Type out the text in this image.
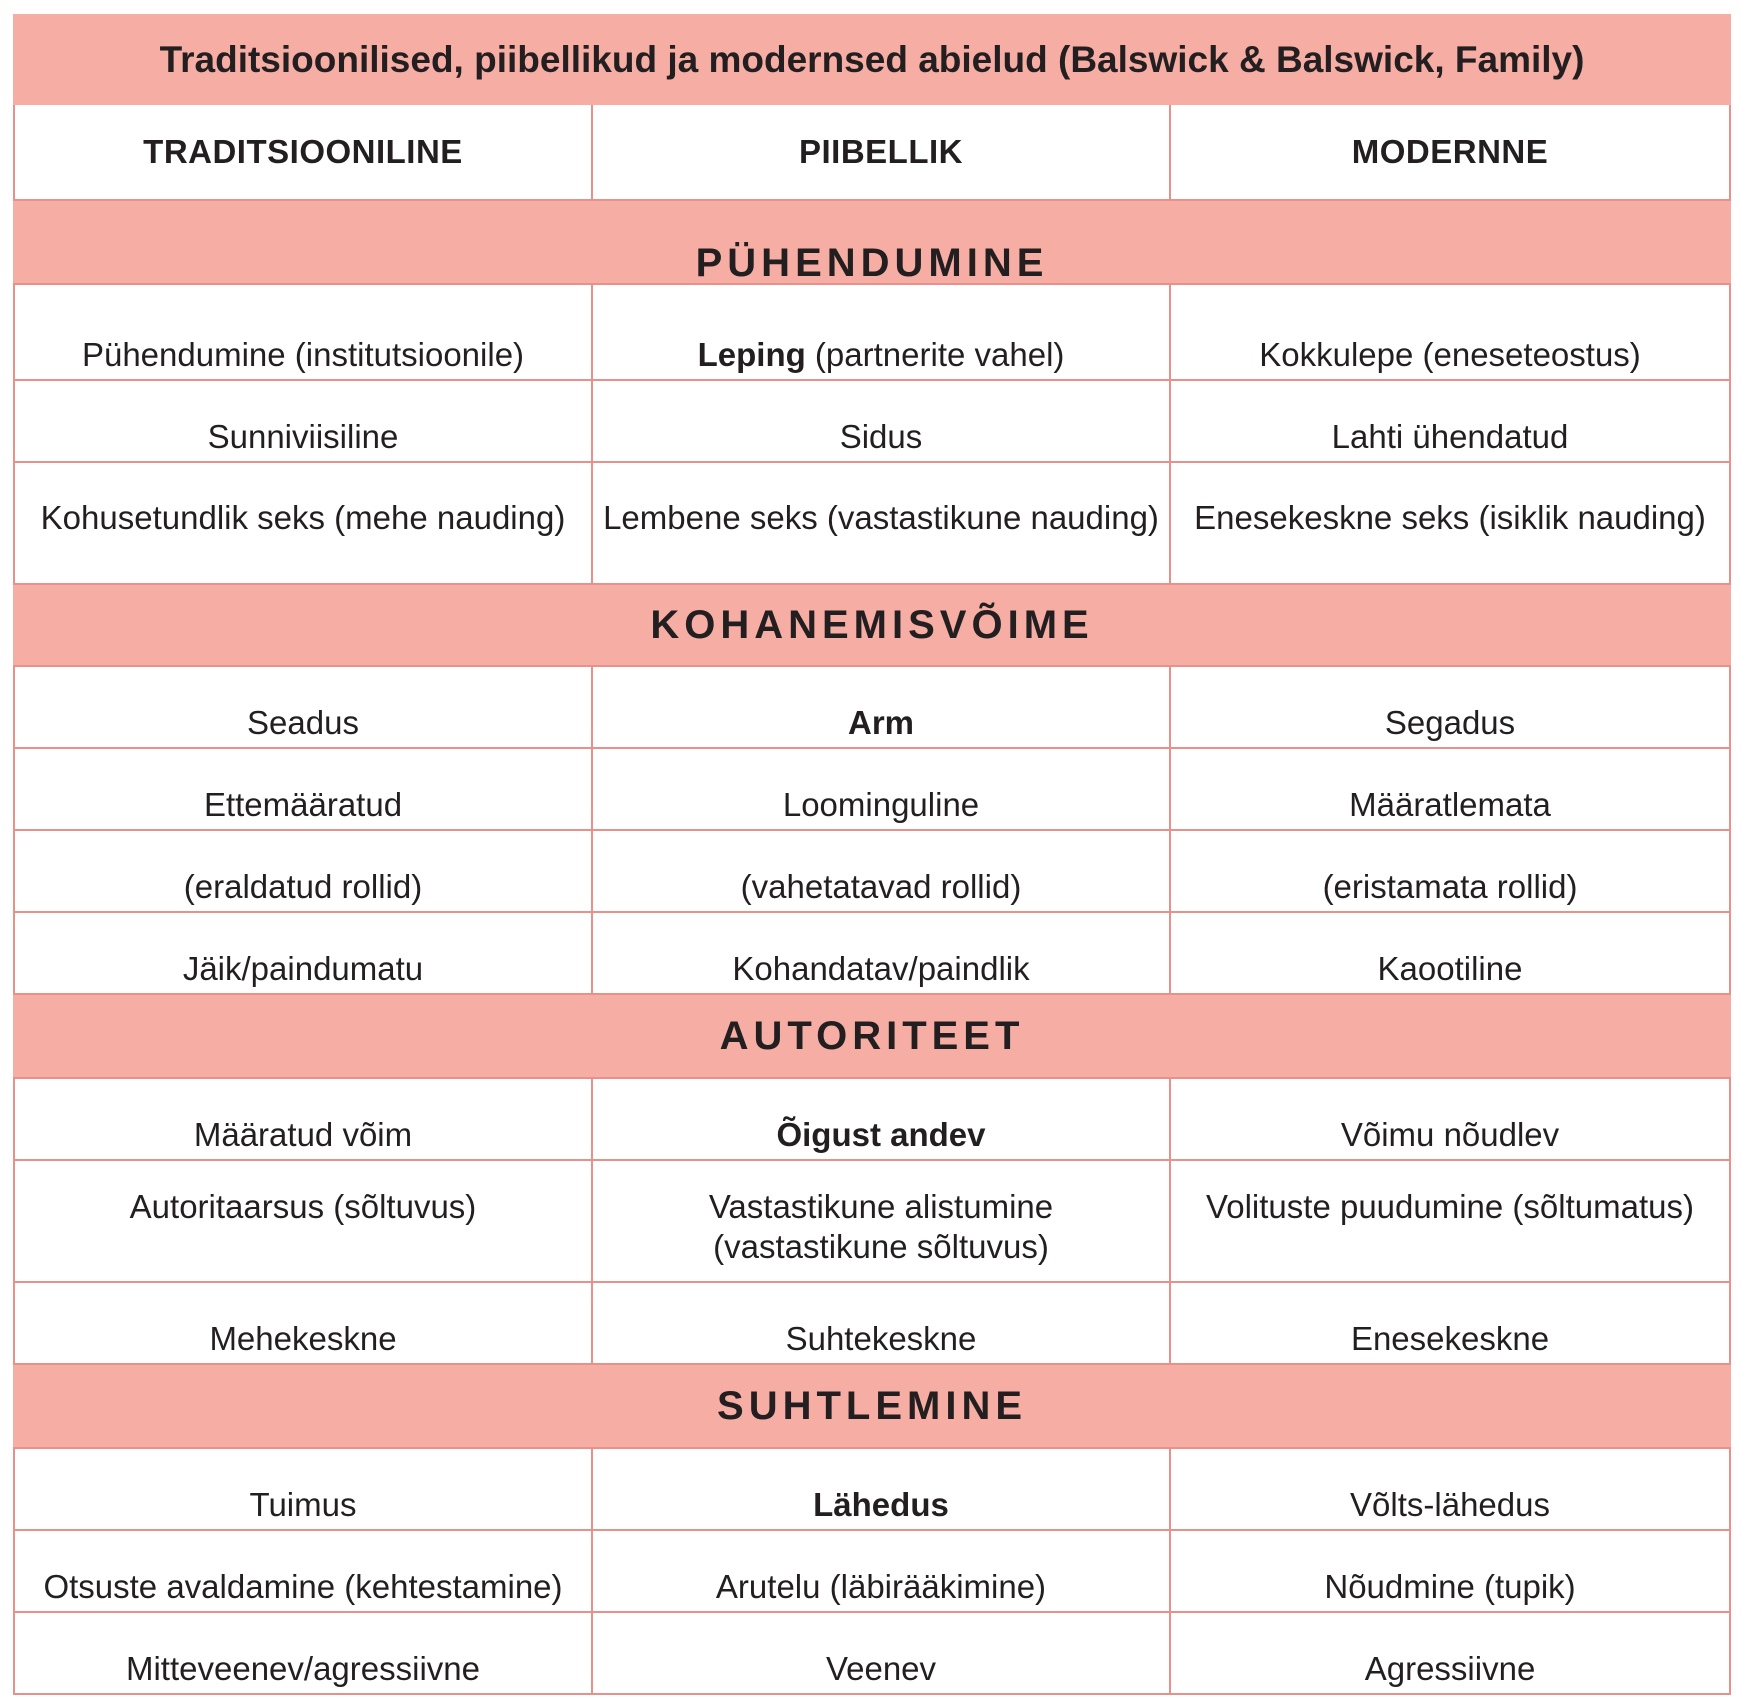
Traditsioonilised, piibellikud ja modernsed abielud (Balswick & Balswick, Family)		
TRADITSIOONILINE	PIIBELLIK	MODERNNE
PÜHENDUMINE		
Pühendumine (institutsioonile)	Leping (partnerite vahel)	Kokkulepe (eneseteostus)
Sunniviisiline	Sidus	Lahti ühendatud
Kohusetundlik seks (mehe nauding)	Lembene seks (vastastikune nauding)	Enesekeskne seks (isiklik nauding)
KOHANEMISVÕIME		
Seadus	Arm	Segadus
Ettemääratud	Loominguline	Määratlemata
(eraldatud rollid)	(vahetatavad rollid)	(eristamata rollid)
Jäik/paindumatu	Kohandatav/paindlik	Kaootiline
AUTORITEET		
Määratud võim	Õigust andev	Võimu nõudlev
Autoritaarsus (sõltuvus)	Vastastikune alistumine (vastastikune sõltuvus)	Volituste puudumine (sõltumatus)
Mehekeskne	Suhtekeskne	Enesekeskne
SUHTLEMINE		
Tuimus	Lähedus	Võlts-lähedus
Otsuste avaldamine (kehtestamine)	Arutelu (läbirääkimine)	Nõudmine (tupik)
Mitteveenev/agressiivne	Veenev	Agressiivne
